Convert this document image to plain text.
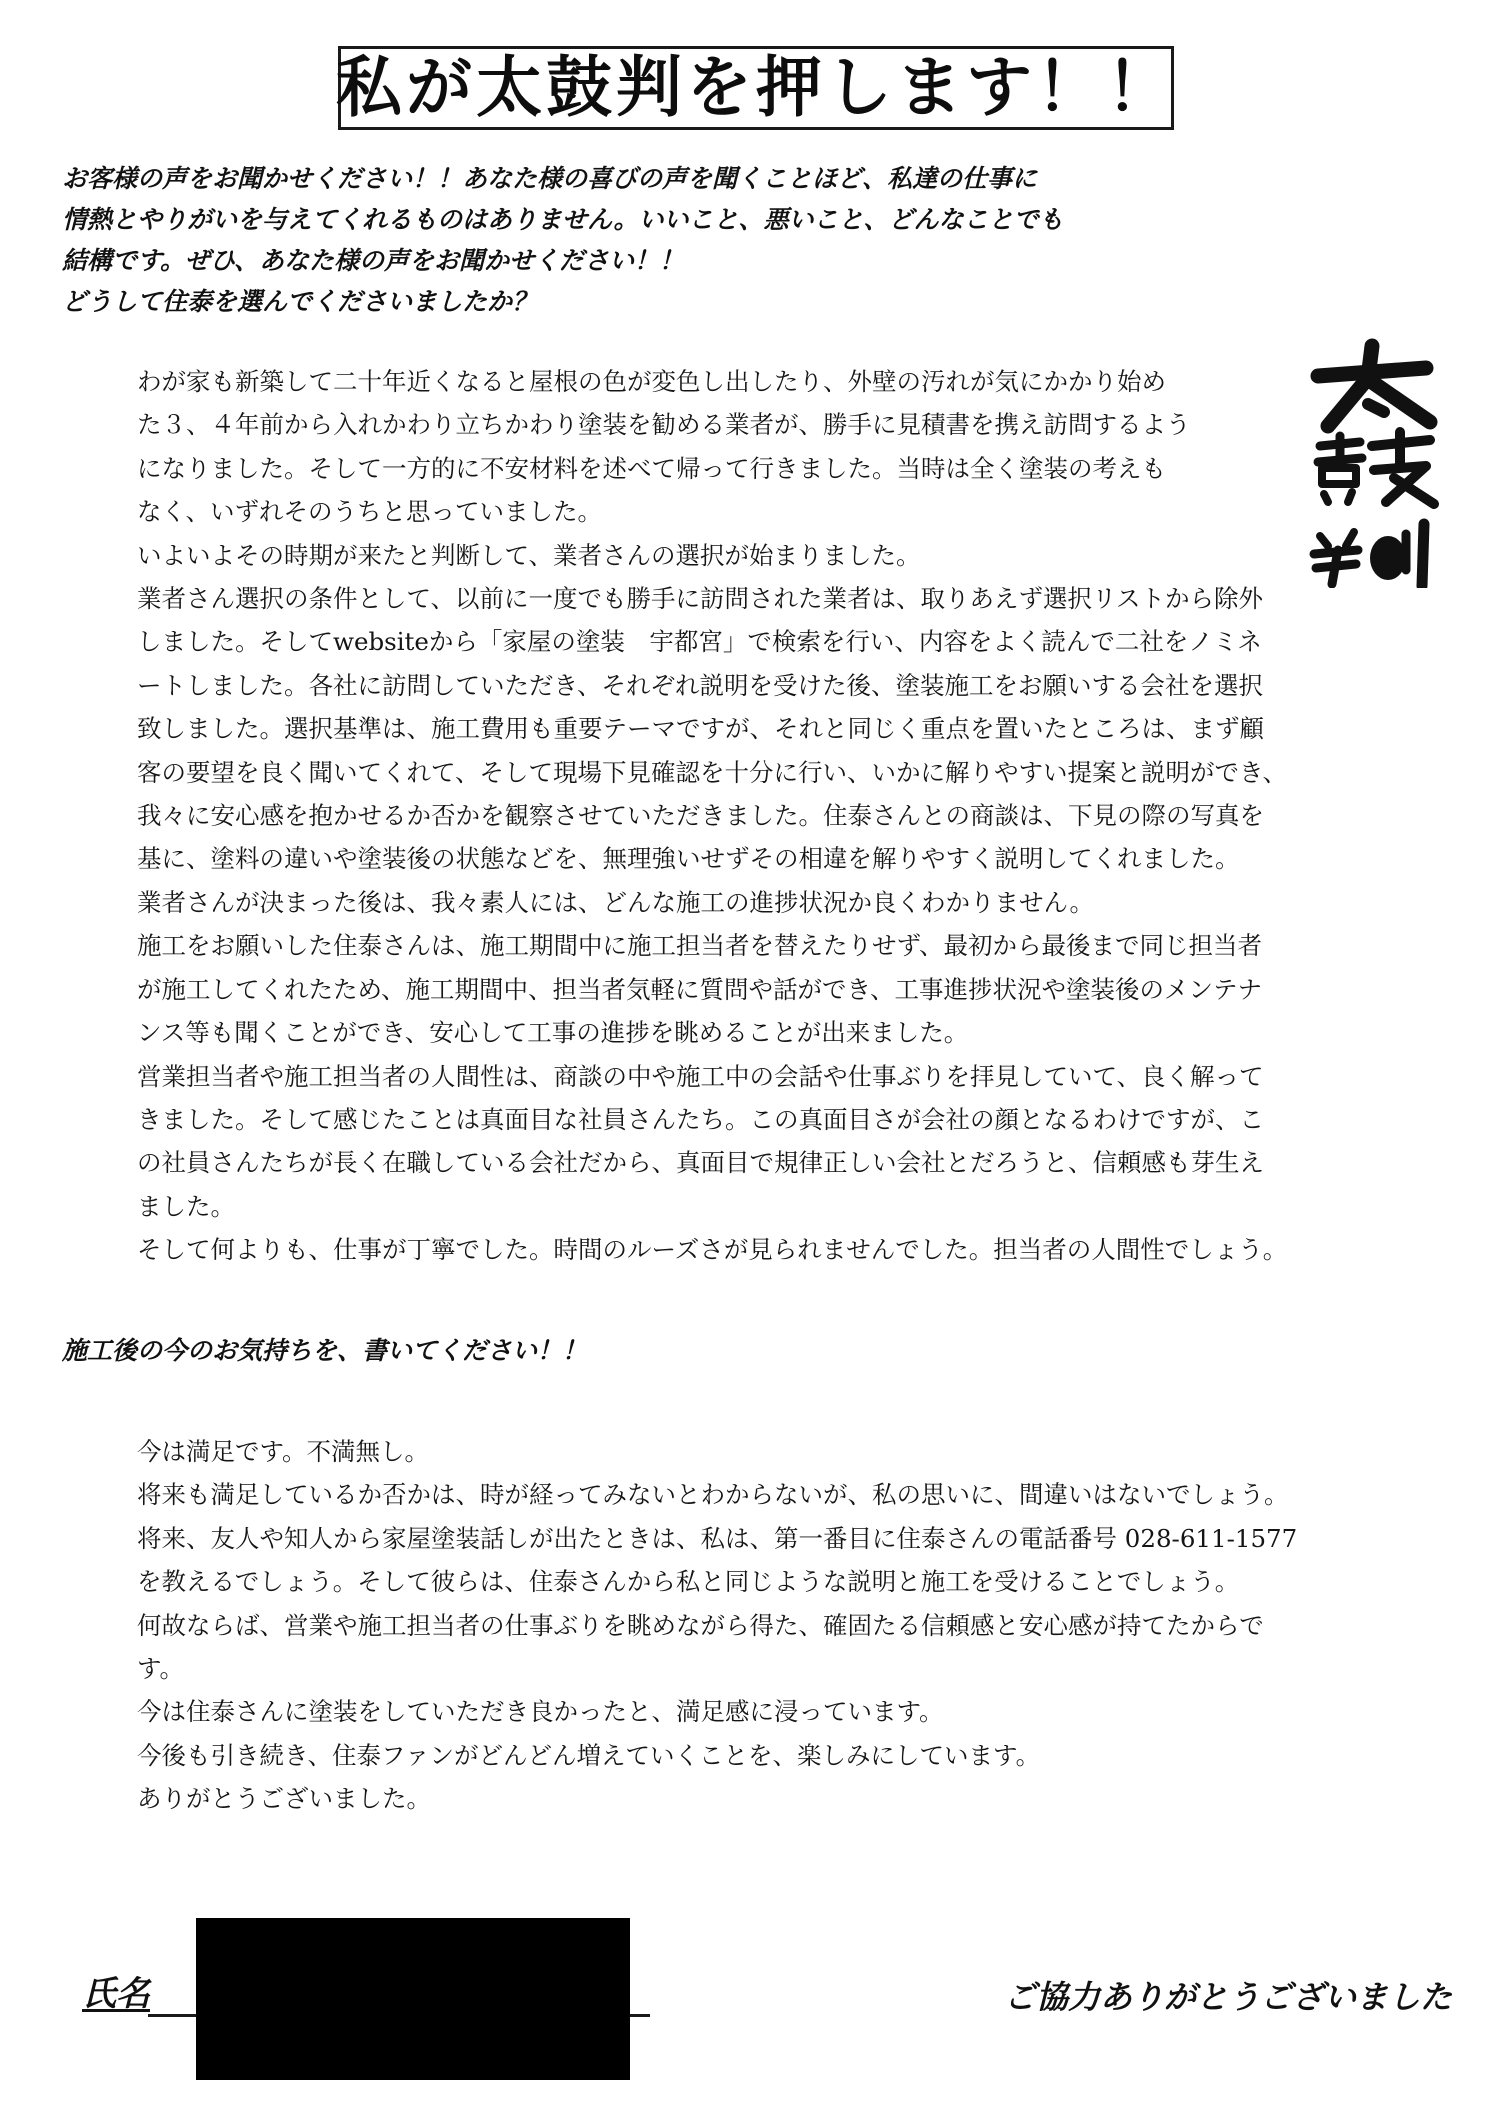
私が太鼓判を押します！！

お客様の声をお聞かせください！！あなた様の喜びの声を聞くことほど、私達の仕事に

情熱とやりがいを与えてくれるものはありません。いいこと、悪いこと、どんなことでも

結構です。ぜひ、あなた様の声をお聞かせください！！

どうして住泰を選んでくださいましたか？

わが家も新築して二十年近くなると屋根の色が変色し出したり、外壁の汚れが気にかかり始め

た３、４年前から入れかわり立ちかわり塗装を勧める業者が、勝手に見積書を携え訪問するよう

になりました。そして一方的に不安材料を述べて帰って行きました。当時は全く塗装の考えも

なく、いずれそのうちと思っていました。

いよいよその時期が来たと判断して、業者さんの選択が始まりました。

業者さん選択の条件として、以前に一度でも勝手に訪問された業者は、取りあえず選択リストから除外

しました。そしてwebsiteから「家屋の塗装　宇都宮」で検索を行い、内容をよく読んで二社をノミネ

ートしました。各社に訪問していただき、それぞれ説明を受けた後、塗装施工をお願いする会社を選択

致しました。選択基準は、施工費用も重要テーマですが、それと同じく重点を置いたところは、まず顧

客の要望を良く聞いてくれて、そして現場下見確認を十分に行い、いかに解りやすい提案と説明ができ、

我々に安心感を抱かせるか否かを観察させていただきました。住泰さんとの商談は、下見の際の写真を

基に、塗料の違いや塗装後の状態などを、無理強いせずその相違を解りやすく説明してくれました。

業者さんが決まった後は、我々素人には、どんな施工の進捗状況か良くわかりません。

施工をお願いした住泰さんは、施工期間中に施工担当者を替えたりせず、最初から最後まで同じ担当者

が施工してくれたため、施工期間中、担当者気軽に質問や話ができ、工事進捗状況や塗装後のメンテナ

ンス等も聞くことができ、安心して工事の進捗を眺めることが出来ました。

営業担当者や施工担当者の人間性は、商談の中や施工中の会話や仕事ぶりを拝見していて、良く解って

きました。そして感じたことは真面目な社員さんたち。この真面目さが会社の顔となるわけですが、こ

の社員さんたちが長く在職している会社だから、真面目で規律正しい会社とだろうと、信頼感も芽生え

ました。

そして何よりも、仕事が丁寧でした。時間のルーズさが見られませんでした。担当者の人間性でしょう。

施工後の今のお気持ちを、書いてください！！

今は満足です。不満無し。

将来も満足しているか否かは、時が経ってみないとわからないが、私の思いに、間違いはないでしょう。

将来、友人や知人から家屋塗装話しが出たときは、私は、第一番目に住泰さんの電話番号 028-611-1577

を教えるでしょう。そして彼らは、住泰さんから私と同じような説明と施工を受けることでしょう。

何故ならば、営業や施工担当者の仕事ぶりを眺めながら得た、確固たる信頼感と安心感が持てたからで

す。

今は住泰さんに塗装をしていただき良かったと、満足感に浸っています。

今後も引き続き、住泰ファンがどんどん増えていくことを、楽しみにしています。

ありがとうございました。

氏名	ご協力ありがとうございました
